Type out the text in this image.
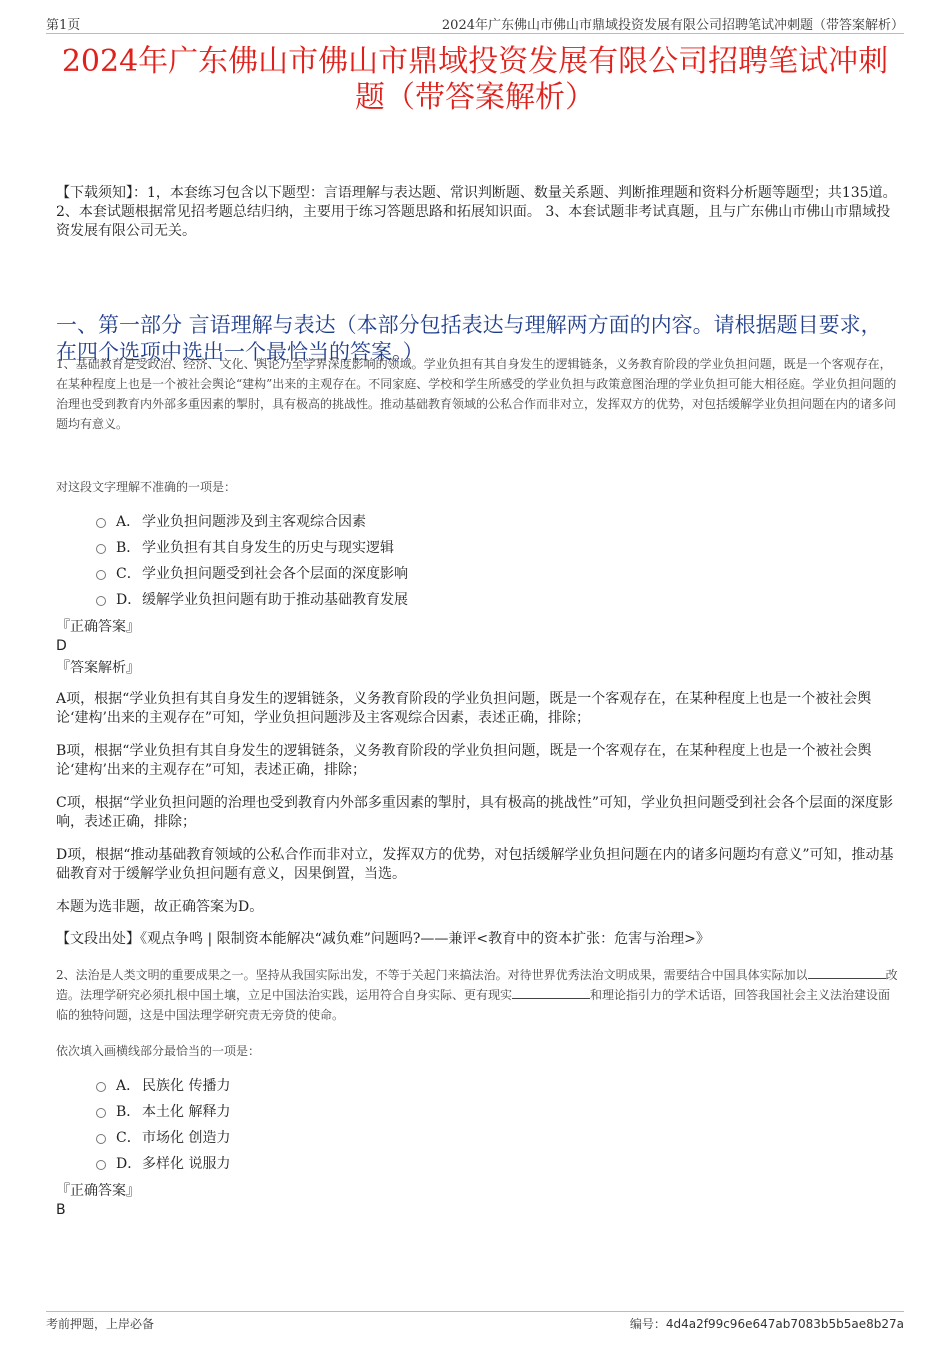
第1页	2024年广东佛山市佛山市鼎域投资发展有限公司招聘笔试冲刺题（带答案解析）
2024年广东佛山市佛山市鼎域投资发展有限公司招聘笔试冲刺
题（带答案解析）
【下载须知】：1，本套练习包含以下题型：言语理解与表达题、常识判断题、数量关系题、判断推理题和资料分析题等题型；共135道。 2、本套试题根据常见招考题总结归纳，主要用于练习答题思路和拓展知识面。 3、本套试题非考试真题，且与广东佛山市佛山市鼎域投资发展有限公司无关。
一、第一部分 言语理解与表达（本部分包括表达与理解两方面的内容。请根据题目要求，在四个选项中选出一个最恰当的答案。）
1、基础教育是受政治、经济、文化、舆论乃至学界深度影响的领域。学业负担有其自身发生的逻辑链条，义务教育阶段的学业负担问题，既是一个客观存在，在某种程度上也是一个被社会舆论“建构”出来的主观存在。不同家庭、学校和学生所感受的学业负担与政策意图治理的学业负担可能大相径庭。学业负担问题的治理也受到教育内外部多重因素的掣肘，具有极高的挑战性。推动基础教育领域的公私合作而非对立，发挥双方的优势，对包括缓解学业负担问题在内的诸多问题均有意义。
对这段文字理解不准确的一项是：
A． 学业负担问题涉及到主客观综合因素
B． 学业负担有其自身发生的历史与现实逻辑
C． 学业负担问题受到社会各个层面的深度影响
D． 缓解学业负担问题有助于推动基础教育发展
『正确答案』
D
『答案解析』
A项，根据“学业负担有其自身发生的逻辑链条，义务教育阶段的学业负担问题，既是一个客观存在，在某种程度上也是一个被社会舆论‘建构’出来的主观存在”可知，学业负担问题涉及主客观综合因素，表述正确，排除；
B项，根据“学业负担有其自身发生的逻辑链条，义务教育阶段的学业负担问题，既是一个客观存在，在某种程度上也是一个被社会舆论‘建构’出来的主观存在”可知，表述正确，排除；
C项，根据“学业负担问题的治理也受到教育内外部多重因素的掣肘，具有极高的挑战性”可知，学业负担问题受到社会各个层面的深度影响，表述正确，排除；
D项，根据“推动基础教育领域的公私合作而非对立，发挥双方的优势，对包括缓解学业负担问题在内的诸多问题均有意义”可知，推动基础教育对于缓解学业负担问题有意义，因果倒置，当选。
本题为选非题，故正确答案为D。
【文段出处】《观点争鸣 | 限制资本能解决“减负难”问题吗?——兼评<教育中的资本扩张：危害与治理>》
2、法治是人类文明的重要成果之一。坚持从我国实际出发，不等于关起门来搞法治。对待世界优秀法治文明成果，需要结合中国具体实际加以	改造。法理学研究必须扎根中国土壤，立足中国法治实践，运用符合自身实际、更有现实	和理论指引力的学术话语，回答我国社会主义法治建设面临的独特问题，这是中国法理学研究责无旁贷的使命。
依次填入画横线部分最恰当的一项是：
A． 民族化 传播力
B． 本土化 解释力
C． 市场化 创造力
D． 多样化 说服力
『正确答案』
B
考前押题，上岸必备	编号：4d4a2f99c96e647ab7083b5b5ae8b27a
